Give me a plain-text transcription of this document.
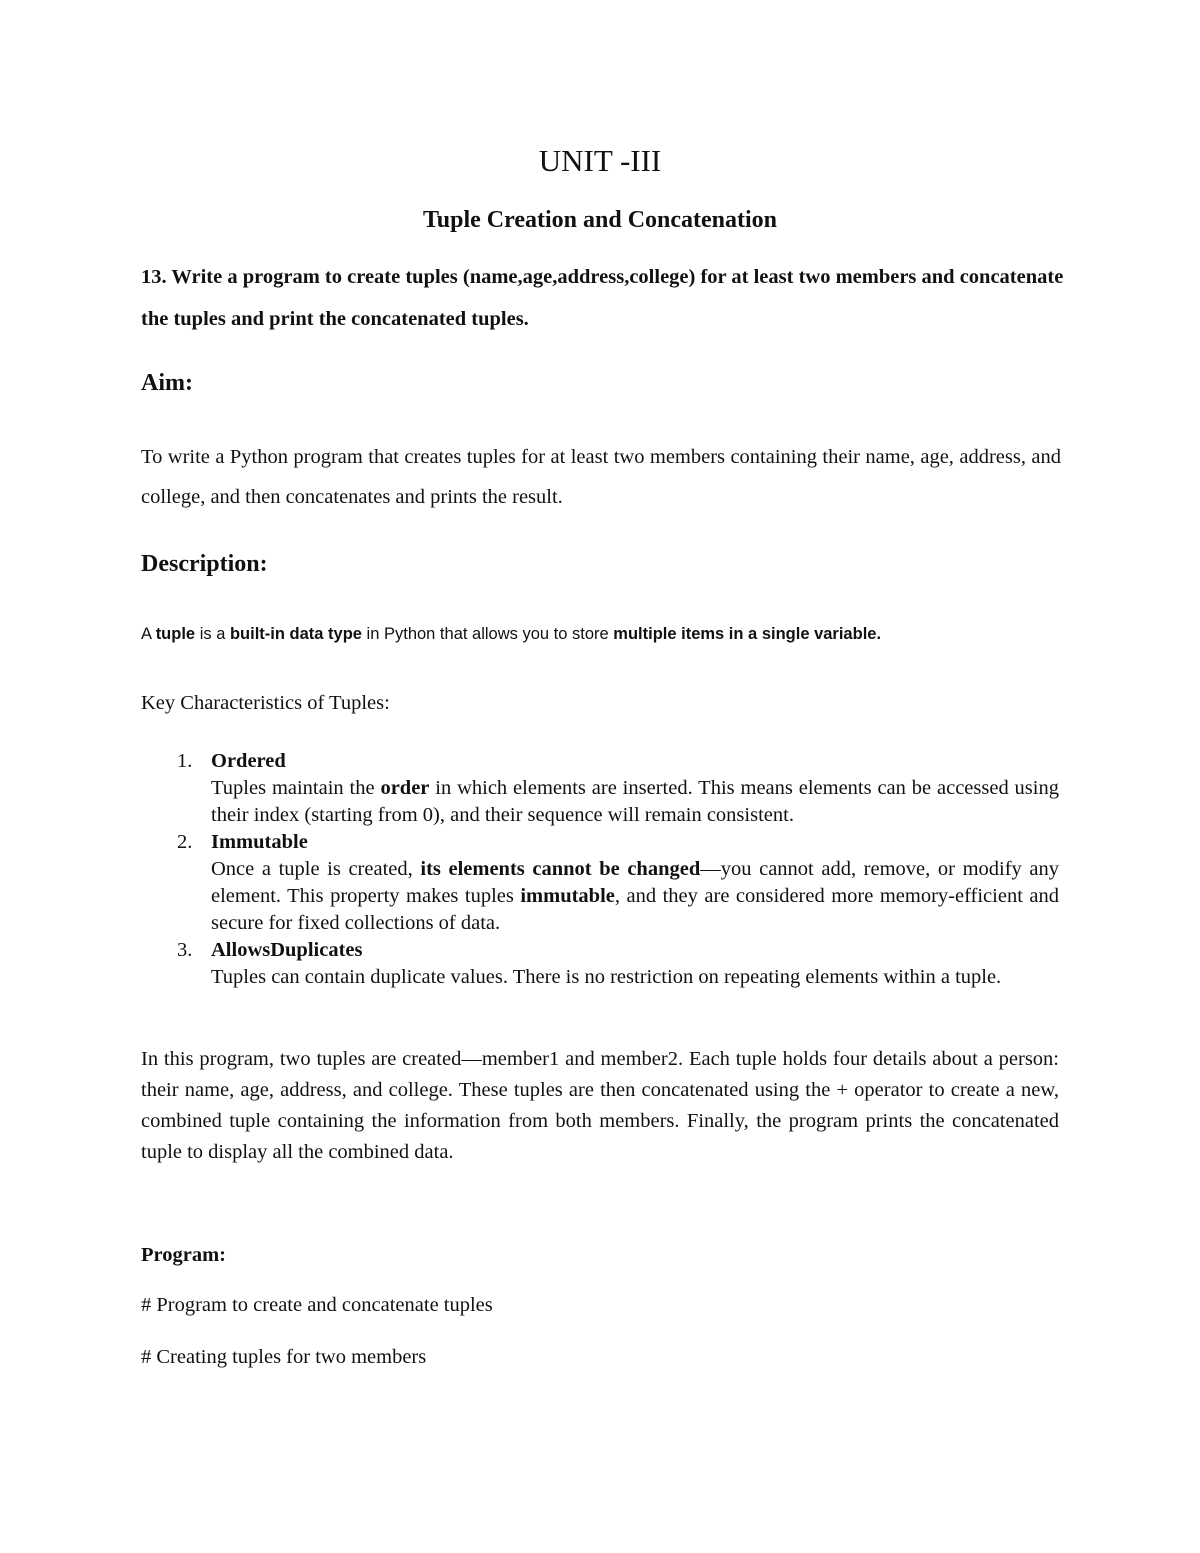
UNIT -III
Tuple Creation and Concatenation
13. Write a program to create tuples (name,age,address,college) for at least two members and concatenate the tuples and print the concatenated tuples.
Aim:
To write a Python program that creates tuples for at least two members containing their name, age, address, and college, and then concatenates and prints the result.
Description:
A tuple is a built-in data type in Python that allows you to store multiple items in a single variable.
Key Characteristics of Tuples:
1. Ordered
Tuples maintain the order in which elements are inserted. This means elements can be accessed using their index (starting from 0), and their sequence will remain consistent.
2. Immutable
Once a tuple is created, its elements cannot be changed—you cannot add, remove, or modify any element. This property makes tuples immutable, and they are considered more memory-efficient and secure for fixed collections of data.
3. AllowsDuplicates
Tuples can contain duplicate values. There is no restriction on repeating elements within a tuple.
In this program, two tuples are created—member1 and member2. Each tuple holds four details about a person: their name, age, address, and college. These tuples are then concatenated using the + operator to create a new, combined tuple containing the information from both members. Finally, the program prints the concatenated tuple to display all the combined data.
Program:
# Program to create and concatenate tuples
# Creating tuples for two members
